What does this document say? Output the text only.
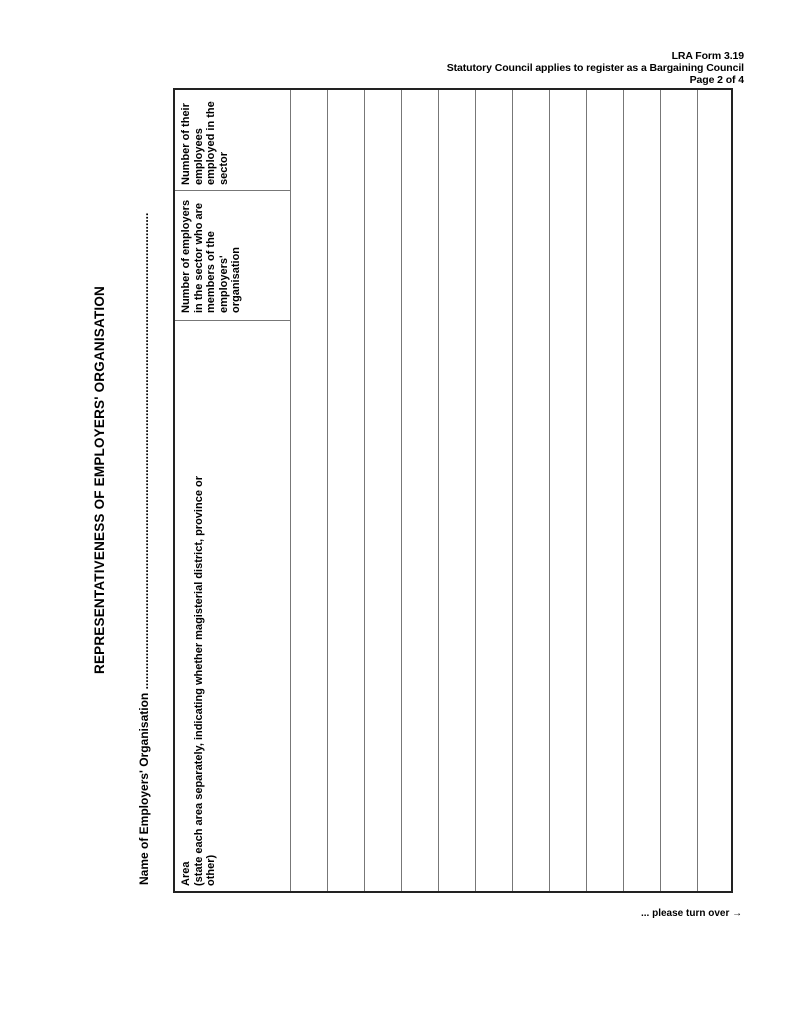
LRA Form 3.19
Statutory Council applies to register as a Bargaining Council
Page 2 of 4
REPRESENTATIVENESS OF EMPLOYERS' ORGANISATION
Name of Employers' Organisation ...............................................................................................................................................
Area (state each area separately, indicating whether magisterial district, province or other)
Number of employers in the sector who are members of the employers' organisation
Number of their employees employed in the sector
... please turn over →
